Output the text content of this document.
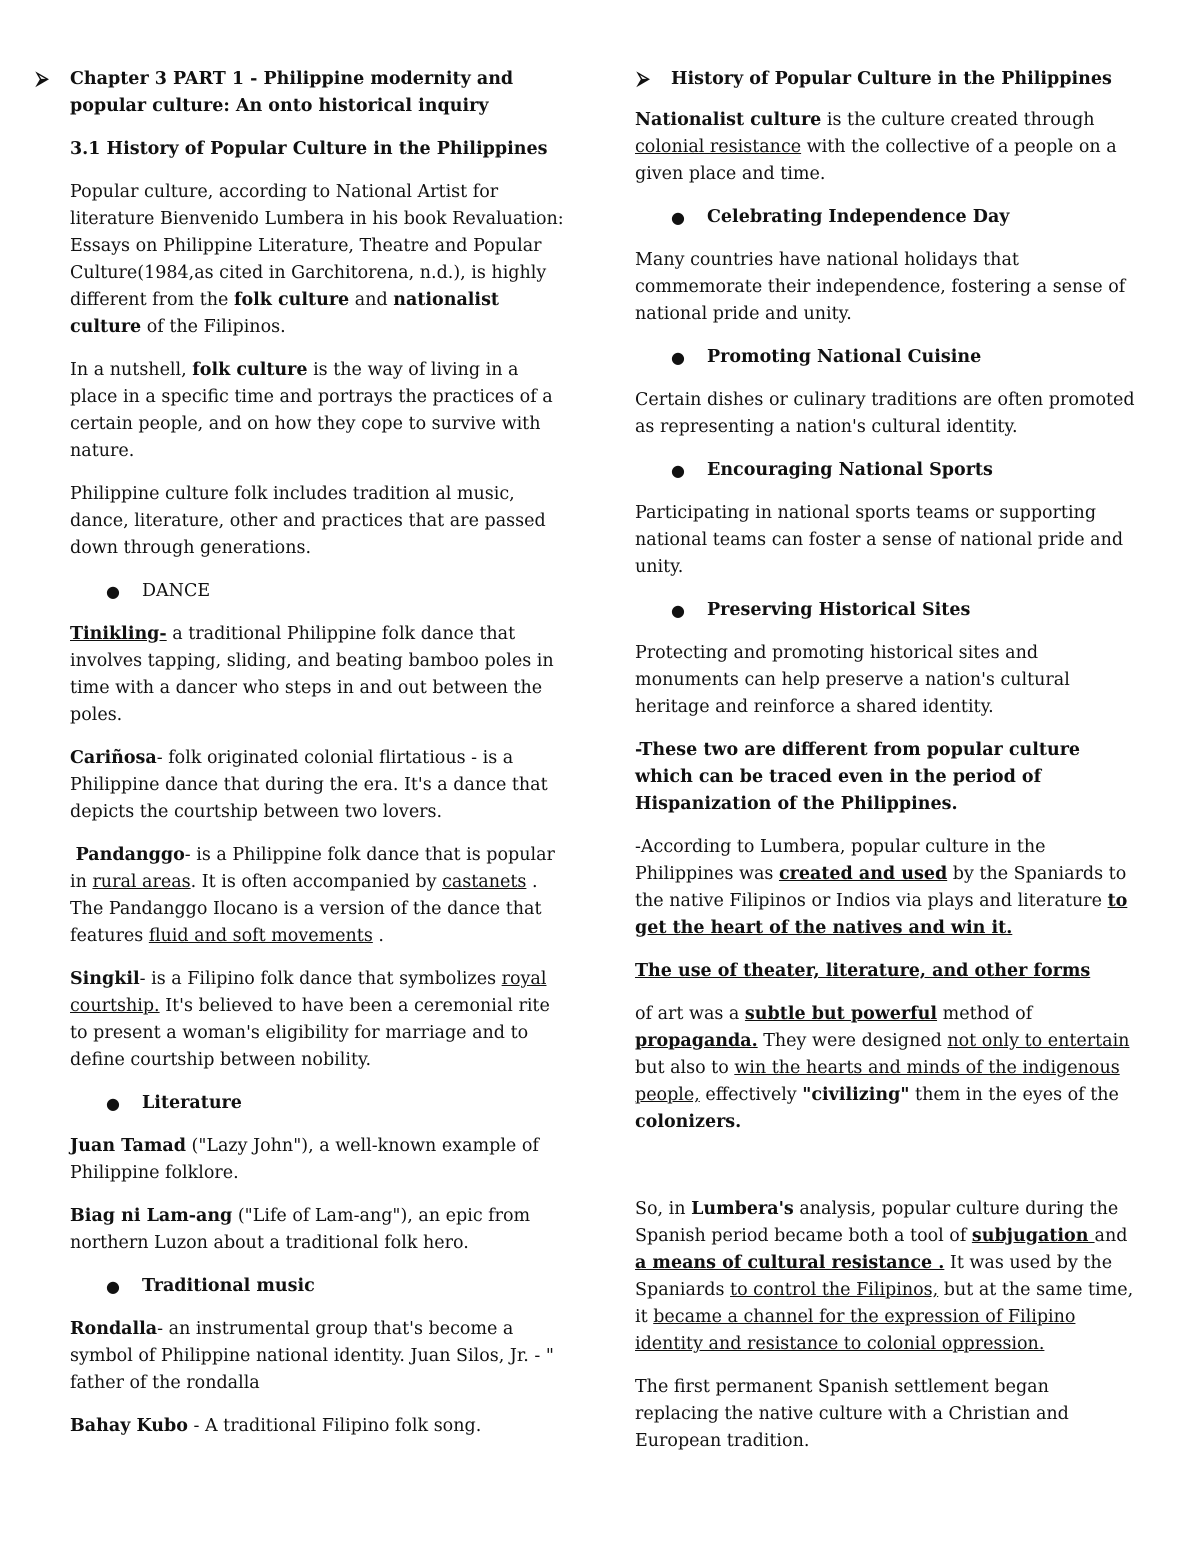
⮚ Chapter 3 PART 1 - Philippine modernity and popular culture: An onto historical inquiry

3.1 History of Popular Culture in the Philippines

Popular culture, according to National Artist for literature Bienvenido Lumbera in his book Revaluation: Essays on Philippine Literature, Theatre and Popular Culture(1984,as cited in Garchitorena, n.d.), is highly different from the folk culture and nationalist culture of the Filipinos.

In a nutshell, folk culture is the way of living in a place in a specific time and portrays the practices of a certain people, and on how they cope to survive with nature.

Philippine culture folk includes tradition al music, dance, literature, other and practices that are passed down through generations.

● DANCE

Tinikling- a traditional Philippine folk dance that involves tapping, sliding, and beating bamboo poles in time with a dancer who steps in and out between the poles.

Cariñosa- folk originated colonial flirtatious - is a Philippine dance that during the era. It's a dance that depicts the courtship between two lovers.

Pandanggo- is a Philippine folk dance that is popular in rural areas. It is often accompanied by castanets . The Pandanggo Ilocano is a version of the dance that features fluid and soft movements .

Singkil- is a Filipino folk dance that symbolizes royal courtship. It's believed to have been a ceremonial rite to present a woman's eligibility for marriage and to define courtship between nobility.

● Literature

Juan Tamad ("Lazy John"), a well-known example of Philippine folklore.

Biag ni Lam-ang ("Life of Lam-ang"), an epic from northern Luzon about a traditional folk hero.

● Traditional music

Rondalla- an instrumental group that's become a symbol of Philippine national identity. Juan Silos, Jr. - " father of the rondalla

Bahay Kubo - A traditional Filipino folk song.

⮚ History of Popular Culture in the Philippines

Nationalist culture is the culture created through colonial resistance with the collective of a people on a given place and time.

● Celebrating Independence Day

Many countries have national holidays that commemorate their independence, fostering a sense of national pride and unity.

● Promoting National Cuisine

Certain dishes or culinary traditions are often promoted as representing a nation's cultural identity.

● Encouraging National Sports

Participating in national sports teams or supporting national teams can foster a sense of national pride and unity.

● Preserving Historical Sites

Protecting and promoting historical sites and monuments can help preserve a nation's cultural heritage and reinforce a shared identity.

-These two are different from popular culture which can be traced even in the period of Hispanization of the Philippines.

-According to Lumbera, popular culture in the Philippines was created and used by the Spaniards to the native Filipinos or Indios via plays and literature to get the heart of the natives and win it.

The use of theater, literature, and other forms

of art was a subtle but powerful method of propaganda. They were designed not only to entertain but also to win the hearts and minds of the indigenous people, effectively "civilizing" them in the eyes of the colonizers.

So, in Lumbera's analysis, popular culture during the Spanish period became both a tool of subjugation and a means of cultural resistance . It was used by the Spaniards to control the Filipinos, but at the same time, it became a channel for the expression of Filipino identity and resistance to colonial oppression.

The first permanent Spanish settlement began replacing the native culture with a Christian and European tradition.
